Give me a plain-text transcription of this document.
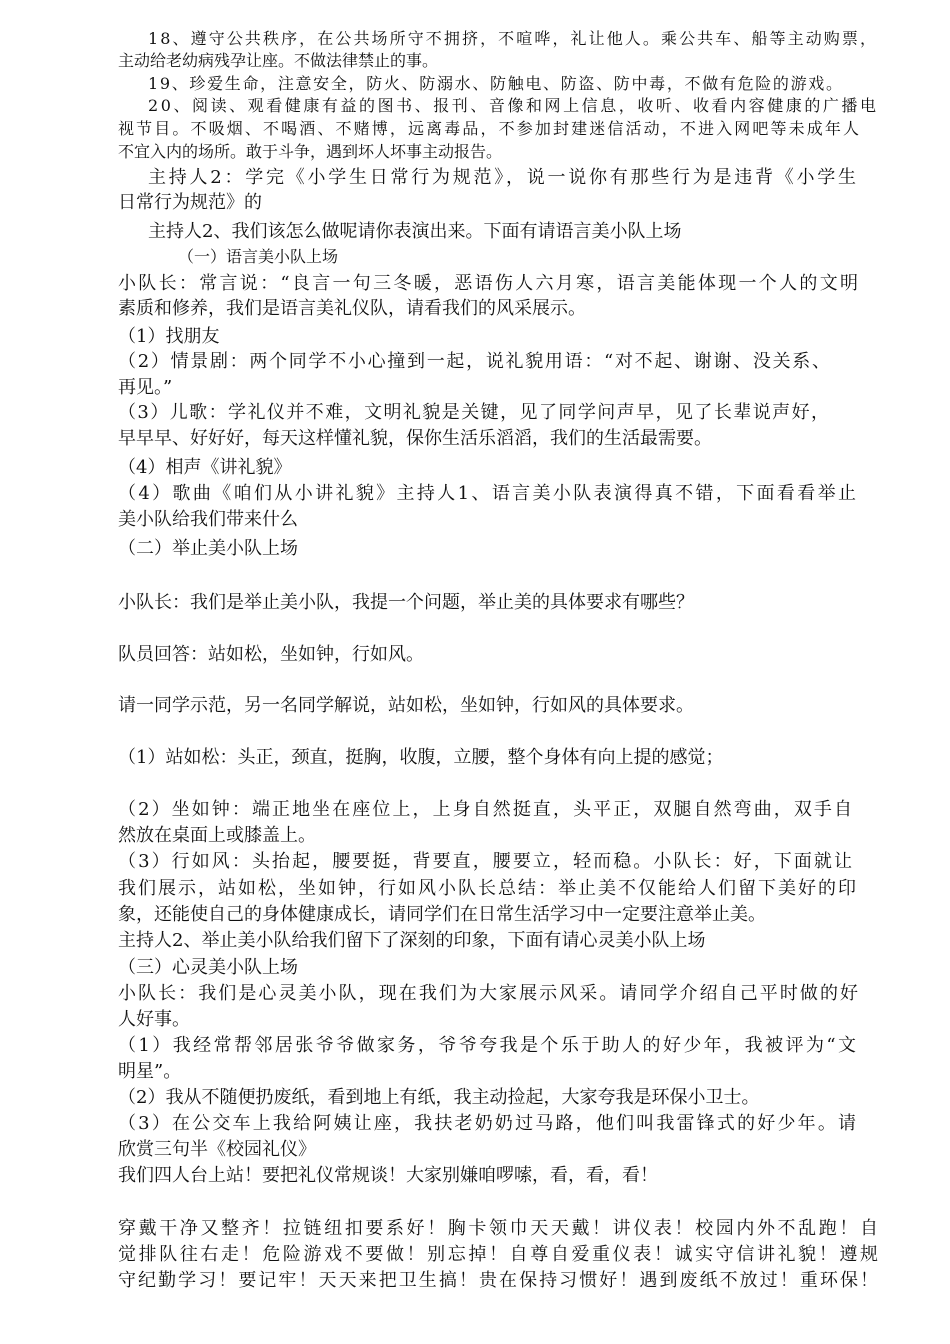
18、遵守公共秩序，在公共场所守不拥挤，不喧哗，礼让他人。乘公共车、船等主动购票，
主动给老幼病残孕让座。不做法律禁止的事。
19、珍爱生命，注意安全，防火、防溺水、防触电、防盗、防中毒，不做有危险的游戏。
20、阅读、观看健康有益的图书、报刊、音像和网上信息，收听、收看内容健康的广播电
视节目。不吸烟、不喝酒、不赌博，远离毒品，不参加封建迷信活动，不进入网吧等未成年人
不宜入内的场所。敢于斗争，遇到坏人坏事主动报告。
主持人2：学完《小学生日常行为规范》，说一说你有那些行为是违背《小学生
日常行为规范》的
主持人2、我们该怎么做呢请你表演出来。下面有请语言美小队上场
（一）语言美小队上场
小队长：常言说：“良言一句三冬暖，恶语伤人六月寒，语言美能体现一个人的文明
素质和修养，我们是语言美礼仪队，请看我们的风采展示。
（1）找朋友
（2）情景剧：两个同学不小心撞到一起，说礼貌用语：“对不起、谢谢、没关系、
再见。”
（3）儿歌：学礼仪并不难，文明礼貌是关键，见了同学问声早，见了长辈说声好，
早早早、好好好，每天这样懂礼貌，保你生活乐滔滔，我们的生活最需要。
（4）相声《讲礼貌》
（4）歌曲《咱们从小讲礼貌》主持人1、语言美小队表演得真不错，下面看看举止
美小队给我们带来什么
（二）举止美小队上场
小队长：我们是举止美小队，我提一个问题，举止美的具体要求有哪些？
队员回答：站如松，坐如钟，行如风。
请一同学示范，另一名同学解说，站如松，坐如钟，行如风的具体要求。
（1）站如松：头正，颈直，挺胸，收腹，立腰，整个身体有向上提的感觉；
（2）坐如钟：端正地坐在座位上，上身自然挺直，头平正，双腿自然弯曲，双手自
然放在桌面上或膝盖上。
（3）行如风：头抬起，腰要挺，背要直，腰要立，轻而稳。小队长：好，下面就让
我们展示，站如松，坐如钟，行如风小队长总结：举止美不仅能给人们留下美好的印
象，还能使自己的身体健康成长，请同学们在日常生活学习中一定要注意举止美。
主持人2、举止美小队给我们留下了深刻的印象，下面有请心灵美小队上场
（三）心灵美小队上场
小队长：我们是心灵美小队，现在我们为大家展示风采。请同学介绍自己平时做的好
人好事。
（1）我经常帮邻居张爷爷做家务，爷爷夸我是个乐于助人的好少年，我被评为“文
明星”。
（2）我从不随便扔废纸，看到地上有纸，我主动捡起，大家夸我是环保小卫士。
（3）在公交车上我给阿姨让座，我扶老奶奶过马路，他们叫我雷锋式的好少年。请
欣赏三句半《校园礼仪》
我们四人台上站！要把礼仪常规谈！大家别嫌咱啰嗦，看，看，看！
穿戴干净又整齐！拉链纽扣要系好！胸卡领巾天天戴！讲仪表！校园内外不乱跑！自
觉排队往右走！危险游戏不要做！别忘掉！自尊自爱重仪表！诚实守信讲礼貌！遵规
守纪勤学习！要记牢！天天来把卫生搞！贵在保持习惯好！遇到废纸不放过！重环保！
